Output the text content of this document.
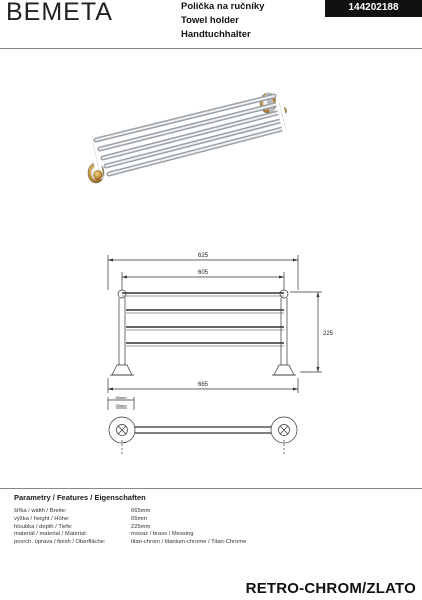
BEMETA	Polička na ručníky
Towel holder
Handtuchhalter
144202188
625
605
225
665
65mm
25mm
Parametry / Features / Eigenschaften
šířka / width / Breite:	665mm
výška / height / Höhe:	65mm
hloubka / depth / Tiefe:	225mm
materiál / material / Material:	mosaz / brass / Messing
povrch. úprava / finish / Oberfläche:	titan-chrom / titanium-chrome / Titan-Chrome
RETRO-CHROM/ZLATO
